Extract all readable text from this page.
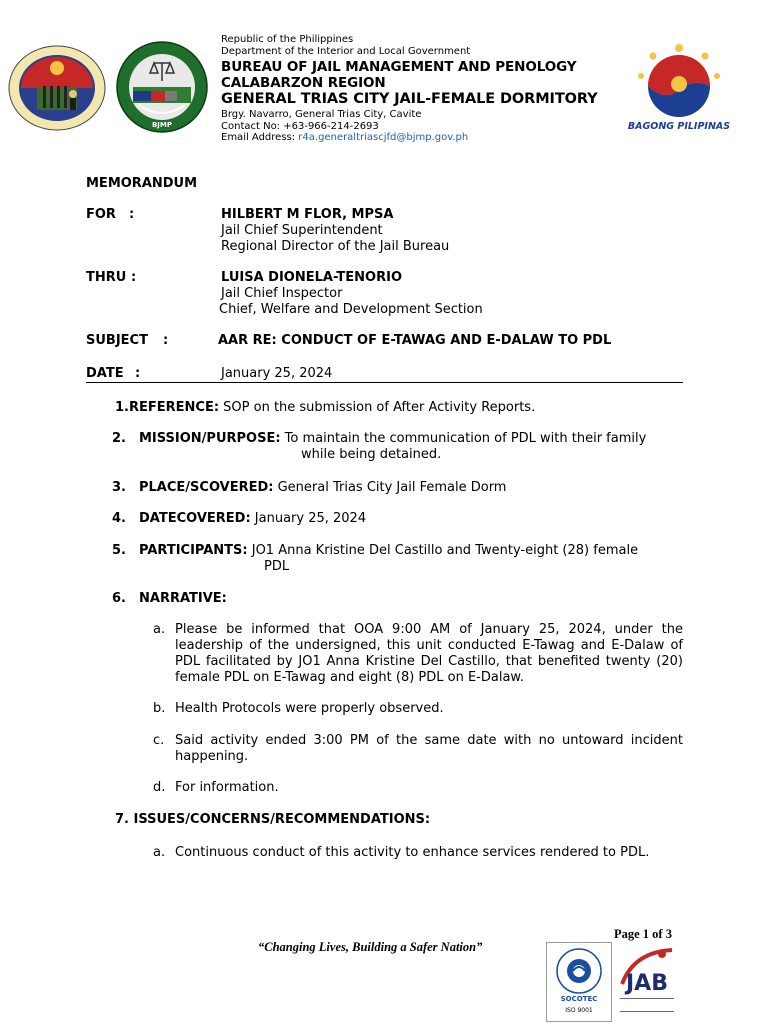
BJMP
Republic of the Philippines
Department of the Interior and Local Government
BUREAU OF JAIL MANAGEMENT AND PENOLOGY
CALABARZON REGION
GENERAL TRIAS CITY JAIL-FEMALE DORMITORY
Brgy. Navarro, General Trias City, Cavite
Contact No: +63-966-214-2693
Email Address: r4a.generaltriascjfd@bjmp.gov.ph
BAGONG PILIPINAS
MEMORANDUM
FOR :	HILBERT M FLOR, MPSA
Jail Chief Superintendent
Regional Director of the Jail Bureau
THRU :	LUISA DIONELA-TENORIO
Jail Chief Inspector
Chief, Welfare and Development Section
SUBJECT :	AAR RE: CONDUCT OF E-TAWAG AND E-DALAW TO PDL
DATE :	January 25, 2024
1.REFERENCE: SOP on the submission of After Activity Reports.
2. MISSION/PURPOSE: To maintain the communication of PDL with their family
while being detained.
3. PLACE/SCOVERED: General Trias City Jail Female Dorm
4. DATECOVERED: January 25, 2024
5. PARTICIPANTS: JO1 Anna Kristine Del Castillo and Twenty-eight (28) female
PDL
6. NARRATIVE:
a. Please be informed that OOA 9:00 AM of January 25, 2024, under the leadership of the undersigned, this unit conducted E-Tawag and E-Dalaw of PDL facilitated by JO1 Anna Kristine Del Castillo, that benefited twenty (20) female PDL on E-Tawag and eight (8) PDL on E-Dalaw.
b. Health Protocols were properly observed.
c. Said activity ended 3:00 PM of the same date with no untoward incident happening.
d. For information.
7. ISSUES/CONCERNS/RECOMMENDATIONS:
a. Continuous conduct of this activity to enhance services rendered to PDL.
Page 1 of 3
“Changing Lives, Building a Safer Nation”
SOCOTEC
ISO 9001
JAB
